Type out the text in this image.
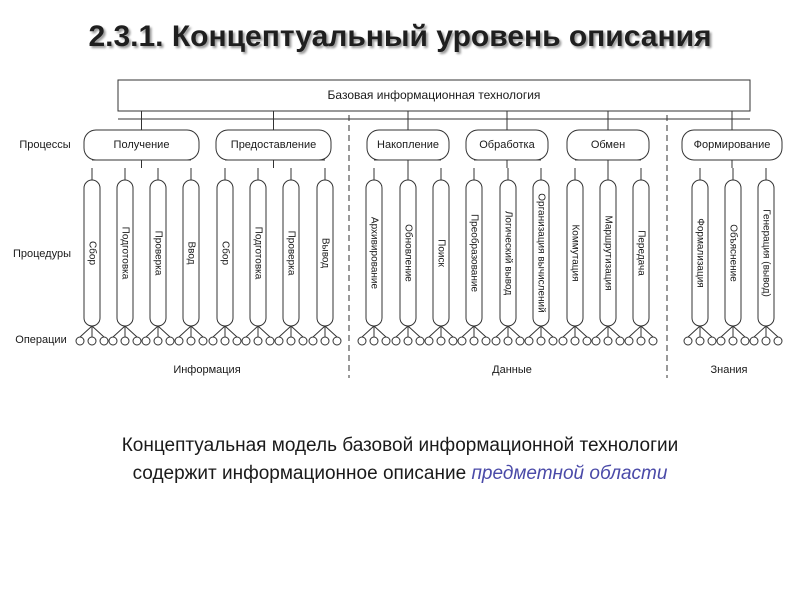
2.3.1. Концептуальный уровень описания
Базовая информационная технология
Процессы
Процедуры
Операции
Получение
Сбор Подготовка Проверка Ввод
Предоставление
Сбор Подготовка Проверка Вывод
Накопление
Архивирование Обновление Поиск
Обработка
Преобразование Логический вывод Организация вычислений
Обмен
Коммутация Маршрутизация Передача
Формирование
Формализация Объяснение Генерация (вывод)
Информация	Данные	Знания
Концептуальная модель базовой информационной технологии
содержит информационное описание предметной области
